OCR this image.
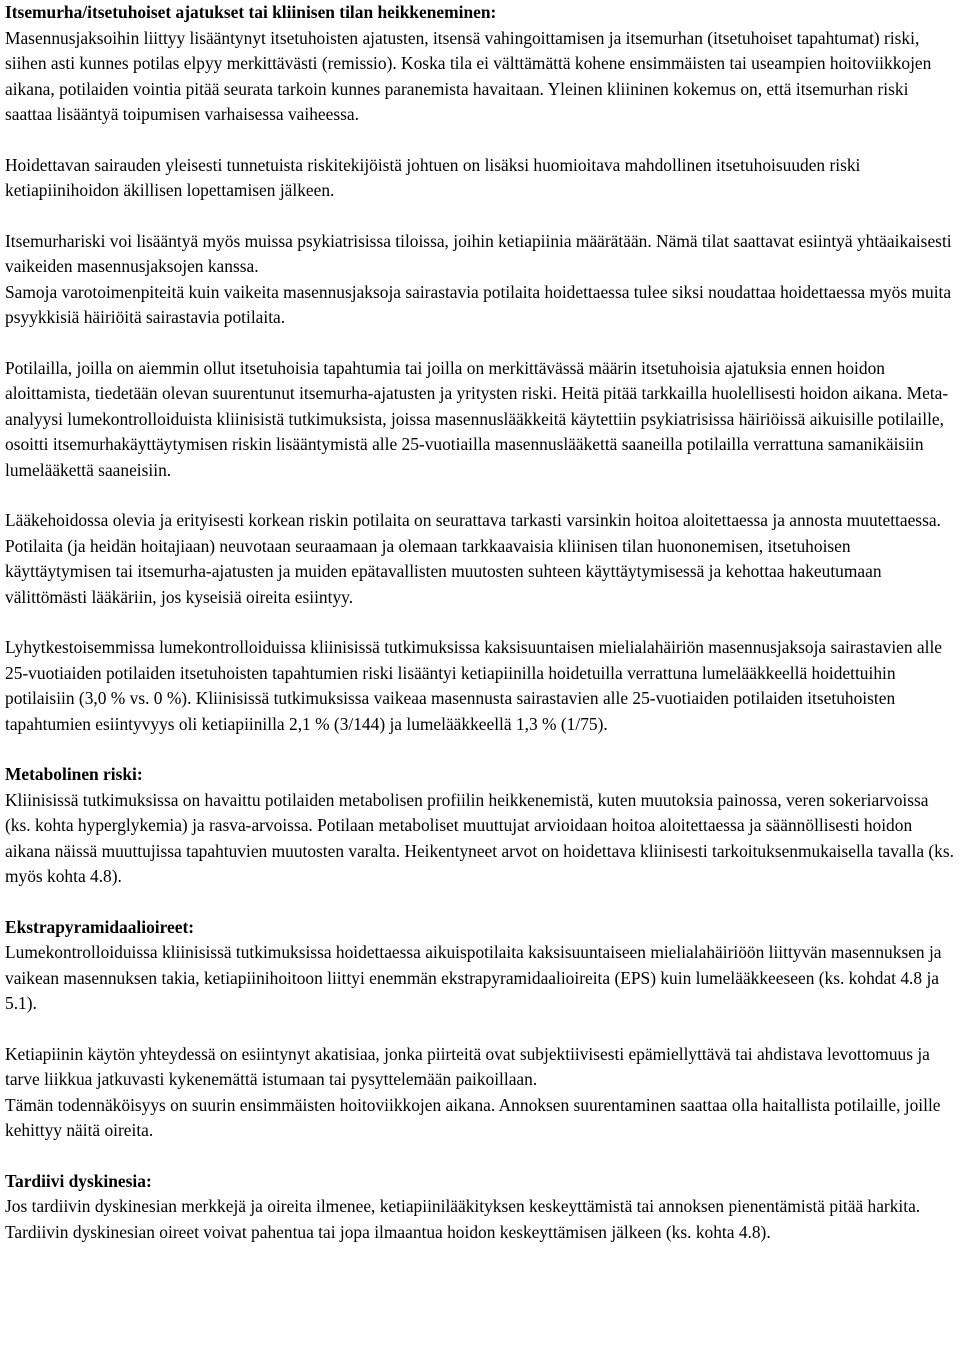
Itsemurha/itsetuhoiset ajatukset tai kliinisen tilan heikkeneminen:

Masennusjaksoihin liittyy lisääntynyt itsetuhoisten ajatusten, itsensä vahingoittamisen ja itsemurhan (itsetuhoiset tapahtumat) riski, siihen asti kunnes potilas elpyy merkittävästi (remissio). Koska tila ei välttämättä kohene ensimmäisten tai useampien hoitoviikkojen aikana, potilaiden vointia pitää seurata tarkoin kunnes paranemista havaitaan. Yleinen kliininen kokemus on, että itsemurhan riski saattaa lisääntyä toipumisen varhaisessa vaiheessa.

Hoidettavan sairauden yleisesti tunnetuista riskitekijöistä johtuen on lisäksi huomioitava mahdollinen itsetuhoisuuden riski ketiapiinihoidon äkillisen lopettamisen jälkeen.

Itsemurhariski voi lisääntyä myös muissa psykiatrisissa tiloissa, joihin ketiapiinia määrätään. Nämä tilat saattavat esiintyä yhtäaikaisesti vaikeiden masennusjaksojen kanssa.

Samoja varotoimenpiteitä kuin vaikeita masennusjaksoja sairastavia potilaita hoidettaessa tulee siksi noudattaa hoidettaessa myös muita psyykkisiä häiriöitä sairastavia potilaita.

Potilailla, joilla on aiemmin ollut itsetuhoisia tapahtumia tai joilla on merkittävässä määrin itsetuhoisia ajatuksia ennen hoidon aloittamista, tiedetään olevan suurentunut itsemurha-ajatusten ja yritysten riski. Heitä pitää tarkkailla huolellisesti hoidon aikana. Meta-analyysi lumekontrolloiduista kliinisistä tutkimuksista, joissa masennuslääkkeitä käytettiin psykiatrisissa häiriöissä aikuisille potilaille, osoitti itsemurhakäyttäytymisen riskin lisääntymistä alle 25-vuotiailla masennuslääkettä saaneilla potilailla verrattuna samanikäisiin lumelääkettä saaneisiin.

Lääkehoidossa olevia ja erityisesti korkean riskin potilaita on seurattava tarkasti varsinkin hoitoa aloitettaessa ja annosta muutettaessa. Potilaita (ja heidän hoitajiaan) neuvotaan seuraamaan ja olemaan tarkkaavaisia kliinisen tilan huononemisen, itsetuhoisen käyttäytymisen tai itsemurha-ajatusten ja muiden epätavallisten muutosten suhteen käyttäytymisessä ja kehottaa hakeutumaan välittömästi lääkäriin, jos kyseisiä oireita esiintyy.

Lyhytkestoisemmissa lumekontrolloiduissa kliinisissä tutkimuksissa kaksisuuntaisen mielialahäiriön masennusjaksoja sairastavien alle 25-vuotiaiden potilaiden itsetuhoisten tapahtumien riski lisääntyi ketiapiinilla hoidetuilla verrattuna lumelääkkeellä hoidettuihin potilaisiin (3,0 % vs. 0 %). Kliinisissä tutkimuksissa vaikeaa masennusta sairastavien alle 25-vuotiaiden potilaiden itsetuhoisten tapahtumien esiintyvyys oli ketiapiinilla 2,1 % (3/144) ja lumelääkkeellä 1,3 % (1/75).

Metabolinen riski:

Kliinisissä tutkimuksissa on havaittu potilaiden metabolisen profiilin heikkenemistä, kuten muutoksia painossa, veren sokeriarvoissa (ks. kohta hyperglykemia) ja rasva-arvoissa. Potilaan metaboliset muuttujat arvioidaan hoitoa aloitettaessa ja säännöllisesti hoidon aikana näissä muuttujissa tapahtuvien muutosten varalta. Heikentyneet arvot on hoidettava kliinisesti tarkoituksenmukaisella tavalla (ks. myös kohta 4.8).

Ekstrapyramidaalioireet:

Lumekontrolloiduissa kliinisissä tutkimuksissa hoidettaessa aikuispotilaita kaksisuuntaiseen mielialahäiriöön liittyvän masennuksen ja vaikean masennuksen takia, ketiapiinihoitoon liittyi enemmän ekstrapyramidaalioireita (EPS) kuin lumelääkkeeseen (ks. kohdat 4.8 ja 5.1).

Ketiapiinin käytön yhteydessä on esiintynyt akatisiaa, jonka piirteitä ovat subjektiivisesti epämiellyttävä tai ahdistava levottomuus ja tarve liikkua jatkuvasti kykenemättä istumaan tai pysyttelemään paikoillaan.

Tämän todennäköisyys on suurin ensimmäisten hoitoviikkojen aikana. Annoksen suurentaminen saattaa olla haitallista potilaille, joille kehittyy näitä oireita.

Tardiivi dyskinesia:

Jos tardiivin dyskinesian merkkejä ja oireita ilmenee, ketiapiinilääkityksen keskeyttämistä tai annoksen pienentämistä pitää harkita. Tardiivin dyskinesian oireet voivat pahentua tai jopa ilmaantua hoidon keskeyttämisen jälkeen (ks. kohta 4.8).
